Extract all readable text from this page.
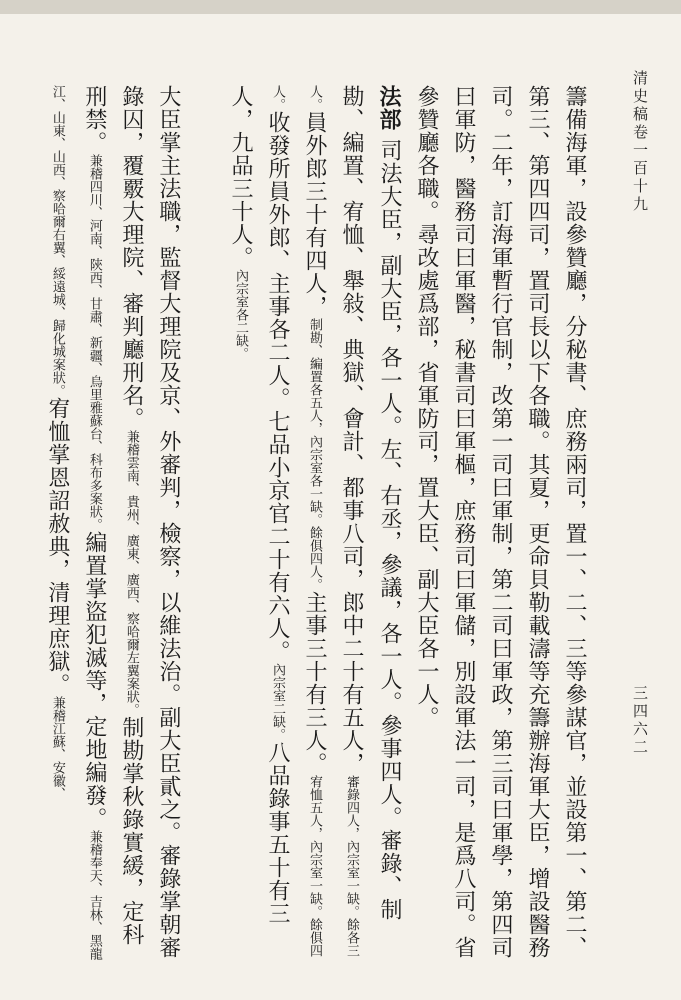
清史稿卷一百十九
三四六二
籌備海軍，設參贊廳，分秘書、庶務兩司，置一、二、三等參謀官，並設第一、第二、第三、第四四司，置司長以下各職。其夏，更命貝勒載濤等充籌辦海軍大臣，增設醫務司。二年，訂海軍暫行官制，改第一司曰軍制，第二司曰軍政，第三司曰軍學，第四司曰軍防，醫務司曰軍醫，秘書司曰軍樞，庶務司曰軍儲，別設軍法一司，是爲八司。省參贊廳各職。尋改處爲部，省軍防司，置大臣、副大臣各一人。
法部 司法大臣，副大臣，各一人。左、右丞，參議，各一人。參事四人。審錄、制勘、編置、宥恤、舉敍、典獄、會計、都事八司，郎中二十有五人，審錄四人，內宗室一缺。餘各三人。員外郎三十有四人，制勘、編置各五人，內宗室各一缺。餘俱四人。主事三十有三人。宥恤五人，內宗室一缺。餘俱四人。收發所員外郎、主事各二人。七品小京官二十有六人。內宗室二缺。八品錄事五十有三人，九品三十人。內宗室各二缺。
大臣掌主法職，監督大理院及京、外審判，檢察，以維法治。副大臣貳之。審錄掌朝審錄囚，覆覈大理院、審判廳刑名。兼稽雲南、貴州、廣東、廣西、察哈爾左翼案狀。制勘掌秋錄實緩，定科刑禁。兼稽四川、河南、陝西、甘肅、新疆、烏里雅蘇台、科布多案狀。編置掌盜犯滅等，定地編發。兼稽奉天、吉林、黑龍江、山東、山西、察哈爾右翼、綏遠城、歸化城案狀。宥恤掌恩詔赦典，清理庶獄。兼稽江蘇、安徽、
